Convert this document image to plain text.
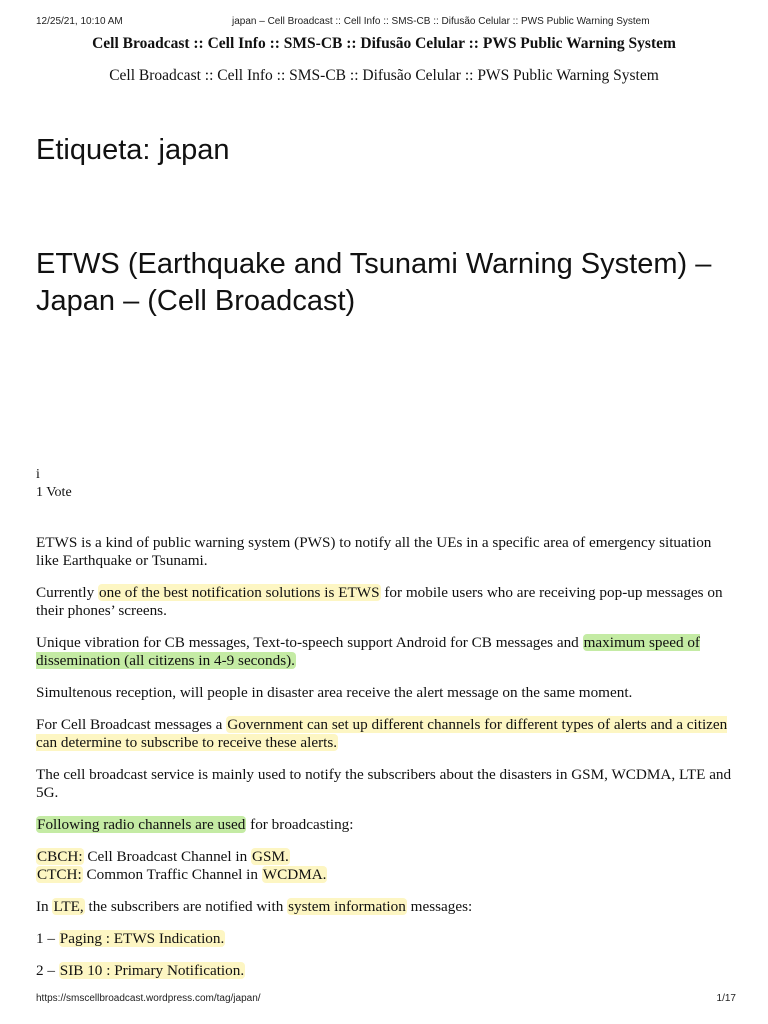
12/25/21, 10:10 AM	japan – Cell Broadcast :: Cell Info :: SMS-CB :: Difusão Celular :: PWS Public Warning System
Cell Broadcast :: Cell Info :: SMS-CB :: Difusão Celular :: PWS Public Warning System
Cell Broadcast :: Cell Info :: SMS-CB :: Difusão Celular :: PWS Public Warning System
Etiqueta: japan
ETWS (Earthquake and Tsunami Warning System) – Japan – (Cell Broadcast)
i
1 Vote

ETWS is a kind of public warning system (PWS) to notify all the UEs in a specific area of emergency situation like Earthquake or Tsunami.

Currently one of the best notification solutions is ETWS for mobile users who are receiving pop-up messages on their phones’ screens.

Unique vibration for CB messages, Text-to-speech support Android for CB messages and maximum speed of dissemination (all citizens in 4-9 seconds).

Simultenous reception, will people in disaster area receive the alert message on the same moment.

For Cell Broadcast messages a Government can set up different channels for different types of alerts and a citizen can determine to subscribe to receive these alerts.

The cell broadcast service is mainly used to notify the subscribers about the disasters in GSM, WCDMA, LTE and 5G.

Following radio channels are used for broadcasting:

CBCH: Cell Broadcast Channel in GSM.
CTCH: Common Traffic Channel in WCDMA.

In LTE, the subscribers are notified with system information messages:

1 – Paging : ETWS Indication.

2 – SIB 10 : Primary Notification.

https://smscellbroadcast.wordpress.com/tag/japan/	1/17
